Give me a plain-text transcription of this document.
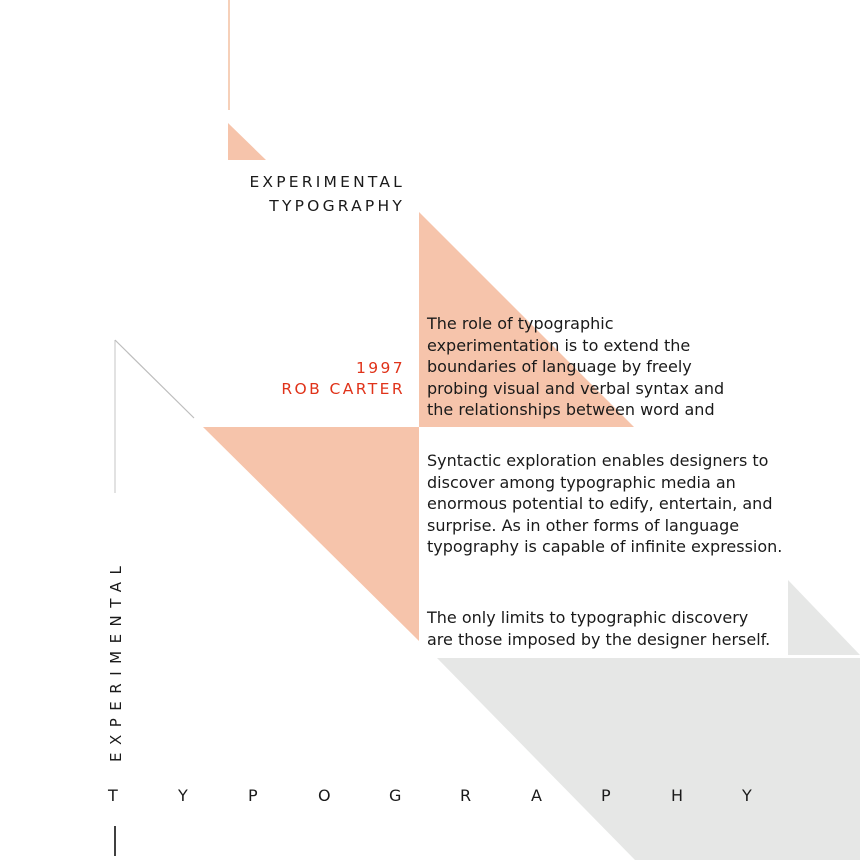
EXPERIMENTAL
TYPOGRAPHY
1997
ROB CARTER
The role of typographic
experimentation is to extend the
boundaries of language by freely
probing visual and verbal syntax and
the relationships between word and
Syntactic exploration enables designers to
discover among typographic media an
enormous potential to edify, entertain, and
surprise. As in other forms of language
typography is capable of infinite expression.
The only limits to typographic discovery
are those imposed by the designer herself.
EXPERIMENTAL
T	Y	P	O	G	R	A	P	H	Y
